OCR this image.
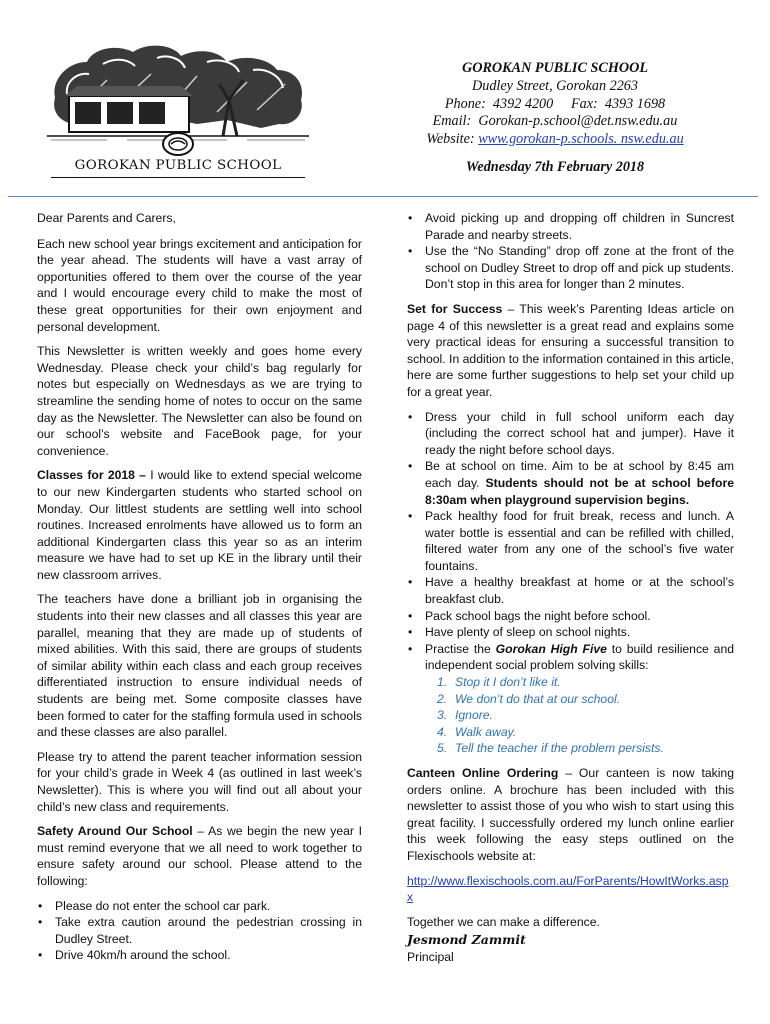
GOROKAN PUBLIC SCHOOL
GOROKAN PUBLIC SCHOOL
Dudley Street, Gorokan 2263
Phone: 4392 4200 Fax: 4393 1698
Email: Gorokan-p.school@det.nsw.edu.au
Website: www.gorokan-p.schools. nsw.edu.au
Wednesday 7th February 2018

Dear Parents and Carers,

Each new school year brings excitement and anticipation for the year ahead. The students will have a vast array of opportunities offered to them over the course of the year and I would encourage every child to make the most of these great opportunities for their own enjoyment and personal development.

This Newsletter is written weekly and goes home every Wednesday. Please check your child’s bag regularly for notes but especially on Wednesdays as we are trying to streamline the sending home of notes to occur on the same day as the Newsletter. The Newsletter can also be found on our school’s website and FaceBook page, for your convenience.

Classes for 2018 – I would like to extend special welcome to our new Kindergarten students who started school on Monday. Our littlest students are settling well into school routines. Increased enrolments have allowed us to form an additional Kindergarten class this year so as an interim measure we have had to set up KE in the library until their new classroom arrives.

The teachers have done a brilliant job in organising the students into their new classes and all classes this year are parallel, meaning that they are made up of students of mixed abilities. With this said, there are groups of students of similar ability within each class and each group receives differentiated instruction to ensure individual needs of students are being met. Some composite classes have been formed to cater for the staffing formula used in schools and these classes are also parallel.

Please try to attend the parent teacher information session for your child’s grade in Week 4 (as outlined in last week’s Newsletter). This is where you will find out all about your child’s new class and requirements.

Safety Around Our School – As we begin the new year I must remind everyone that we all need to work together to ensure safety around our school. Please attend to the following:

• Please do not enter the school car park.
• Take extra caution around the pedestrian crossing in Dudley Street.
• Drive 40km/h around the school.
• Avoid picking up and dropping off children in Suncrest Parade and nearby streets.
• Use the “No Standing” drop off zone at the front of the school on Dudley Street to drop off and pick up students. Don’t stop in this area for longer than 2 minutes.

Set for Success – This week’s Parenting Ideas article on page 4 of this newsletter is a great read and explains some very practical ideas for ensuring a successful transition to school. In addition to the information contained in this article, here are some further suggestions to help set your child up for a great year.

• Dress your child in full school uniform each day (including the correct school hat and jumper). Have it ready the night before school days.
• Be at school on time. Aim to be at school by 8:45 am each day. Students should not be at school before 8:30am when playground supervision begins.
• Pack healthy food for fruit break, recess and lunch. A water bottle is essential and can be refilled with chilled, filtered water from any one of the school’s five water fountains.
• Have a healthy breakfast at home or at the school’s breakfast club.
• Pack school bags the night before school.
• Have plenty of sleep on school nights.
• Practise the Gorokan High Five to build resilience and independent social problem solving skills:
1. Stop it I don’t like it.
2. We don’t do that at our school.
3. Ignore.
4. Walk away.
5. Tell the teacher if the problem persists.

Canteen Online Ordering – Our canteen is now taking orders online. A brochure has been included with this newsletter to assist those of you who wish to start using this great facility. I successfully ordered my lunch online earlier this week following the easy steps outlined on the Flexischools website at:

http://www.flexischools.com.au/ForParents/HowItWorks.aspx

Together we can make a difference.

Jesmond Zammit
Principal
